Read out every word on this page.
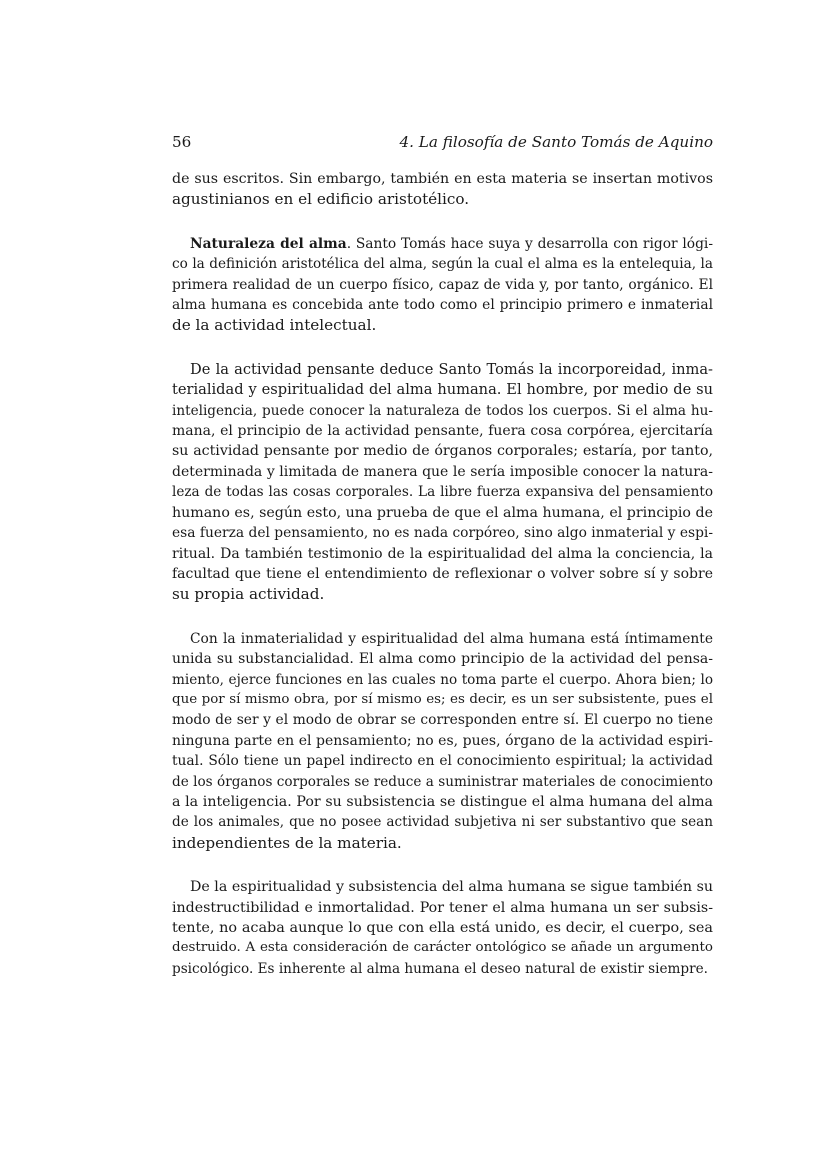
56	4. La filosofía de Santo Tomás de Aquino
de sus escritos. Sin embargo, también en esta materia se insertan motivos
agustinianos en el edificio aristotélico.
Naturaleza del alma. Santo Tomás hace suya y desarrolla con rigor lógi-
co la definición aristotélica del alma, según la cual el alma es la entelequia, la
primera realidad de un cuerpo físico, capaz de vida y, por tanto, orgánico. El
alma humana es concebida ante todo como el principio primero e inmaterial
de la actividad intelectual.
De la actividad pensante deduce Santo Tomás la incorporeidad, inma-
terialidad y espiritualidad del alma humana. El hombre, por medio de su
inteligencia, puede conocer la naturaleza de todos los cuerpos. Si el alma hu-
mana, el principio de la actividad pensante, fuera cosa corpórea, ejercitaría
su actividad pensante por medio de órganos corporales; estaría, por tanto,
determinada y limitada de manera que le sería imposible conocer la natura-
leza de todas las cosas corporales. La libre fuerza expansiva del pensamiento
humano es, según esto, una prueba de que el alma humana, el principio de
esa fuerza del pensamiento, no es nada corpóreo, sino algo inmaterial y espi-
ritual. Da también testimonio de la espiritualidad del alma la conciencia, la
facultad que tiene el entendimiento de reflexionar o volver sobre sí y sobre
su propia actividad.
Con la inmaterialidad y espiritualidad del alma humana está íntimamente
unida su substancialidad. El alma como principio de la actividad del pensa-
miento, ejerce funciones en las cuales no toma parte el cuerpo. Ahora bien; lo
que por sí mismo obra, por sí mismo es; es decir, es un ser subsistente, pues el
modo de ser y el modo de obrar se corresponden entre sí. El cuerpo no tiene
ninguna parte en el pensamiento; no es, pues, órgano de la actividad espiri-
tual. Sólo tiene un papel indirecto en el conocimiento espiritual; la actividad
de los órganos corporales se reduce a suministrar materiales de conocimiento
a la inteligencia. Por su subsistencia se distingue el alma humana del alma
de los animales, que no posee actividad subjetiva ni ser substantivo que sean
independientes de la materia.
De la espiritualidad y subsistencia del alma humana se sigue también su
indestructibilidad e inmortalidad. Por tener el alma humana un ser subsis-
tente, no acaba aunque lo que con ella está unido, es decir, el cuerpo, sea
destruido. A esta consideración de carácter ontológico se añade un argumento
psicológico. Es inherente al alma humana el deseo natural de existir siempre.
